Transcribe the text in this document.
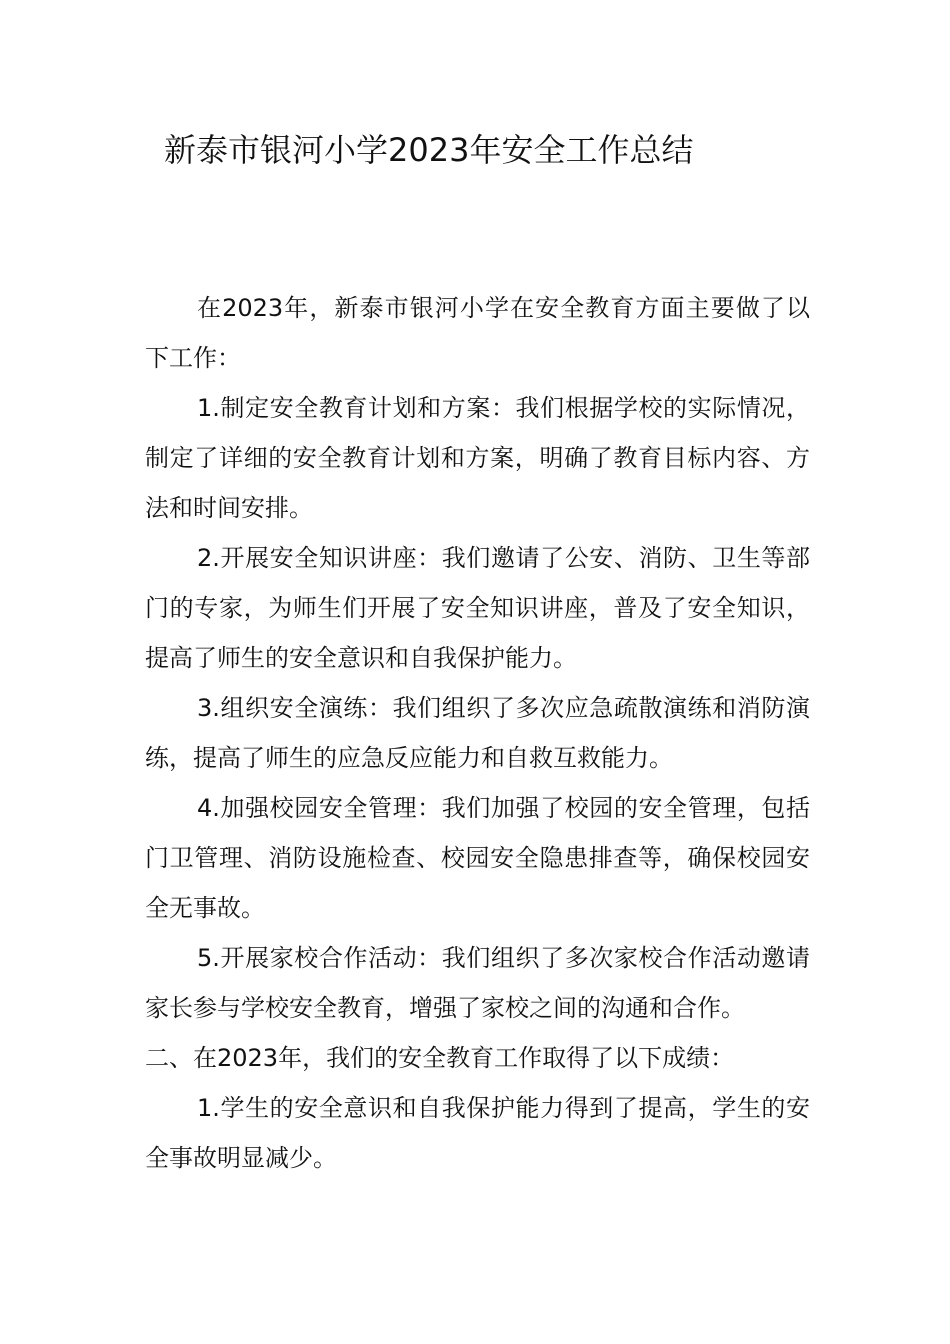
新泰市银河小学2023年安全工作总结

在2023年，新泰市银河小学在安全教育方面主要做了以下工作：

1.制定安全教育计划和方案：我们根据学校的实际情况，制定了详细的安全教育计划和方案，明确了教育目标内容、方法和时间安排。

2.开展安全知识讲座：我们邀请了公安、消防、卫生等部门的专家，为师生们开展了安全知识讲座，普及了安全知识，提高了师生的安全意识和自我保护能力。

3.组织安全演练：我们组织了多次应急疏散演练和消防演练，提高了师生的应急反应能力和自救互救能力。

4.加强校园安全管理：我们加强了校园的安全管理，包括门卫管理、消防设施检查、校园安全隐患排查等，确保校园安全无事故。

5.开展家校合作活动：我们组织了多次家校合作活动邀请家长参与学校安全教育，增强了家校之间的沟通和合作。

二、在2023年，我们的安全教育工作取得了以下成绩：

1.学生的安全意识和自我保护能力得到了提高，学生的安全事故明显减少。
